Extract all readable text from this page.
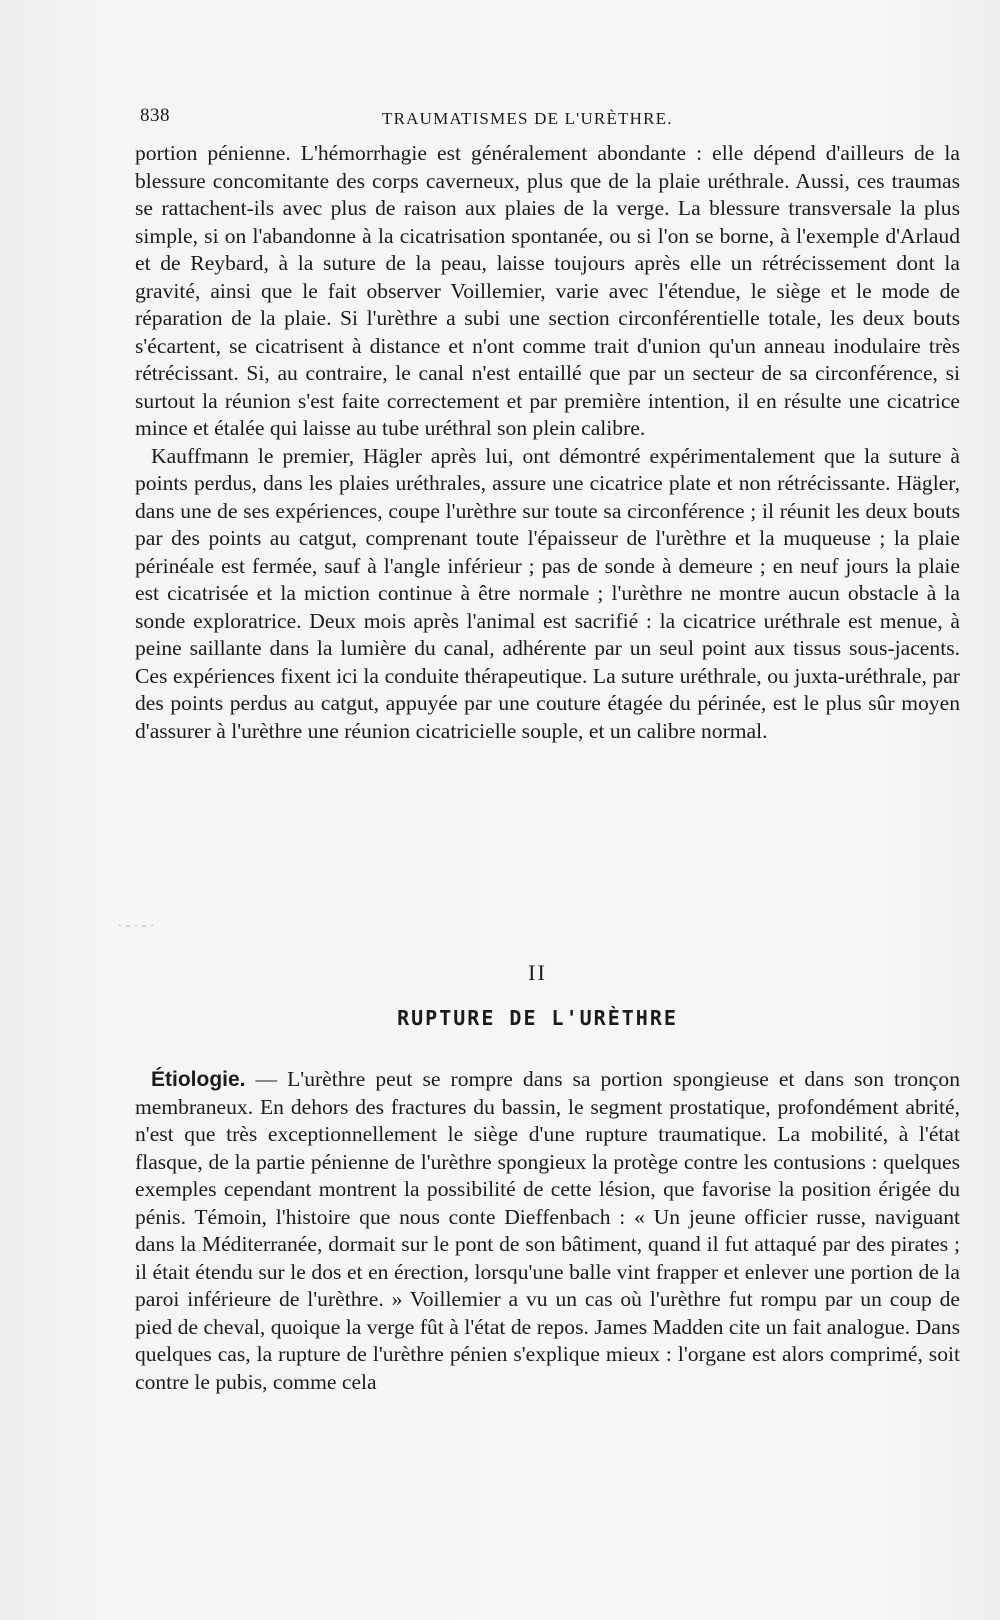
838	TRAUMATISMES DE L'URÈTHRE.

portion pénienne. L'hémorrhagie est généralement abondante : elle dépend d'ailleurs de la blessure concomitante des corps caverneux, plus que de la plaie uréthrale. Aussi, ces traumas se rattachent-ils avec plus de raison aux plaies de la verge. La blessure transversale la plus simple, si on l'abandonne à la cicatrisation spontanée, ou si l'on se borne, à l'exemple d'Arlaud et de Reybard, à la suture de la peau, laisse toujours après elle un rétrécissement dont la gravité, ainsi que le fait observer Voillemier, varie avec l'étendue, le siège et le mode de réparation de la plaie. Si l'urèthre a subi une section circonférentielle totale, les deux bouts s'écartent, se cicatrisent à distance et n'ont comme trait d'union qu'un anneau inodulaire très rétrécissant. Si, au contraire, le canal n'est entaillé que par un secteur de sa circonférence, si surtout la réunion s'est faite correctement et par première intention, il en résulte une cicatrice mince et étalée qui laisse au tube uréthral son plein calibre.

Kauffmann le premier, Hägler après lui, ont démontré expérimentalement que la suture à points perdus, dans les plaies uréthrales, assure une cicatrice plate et non rétrécissante. Hägler, dans une de ses expériences, coupe l'urèthre sur toute sa circonférence ; il réunit les deux bouts par des points au catgut, comprenant toute l'épaisseur de l'urèthre et la muqueuse ; la plaie périnéale est fermée, sauf à l'angle inférieur ; pas de sonde à demeure ; en neuf jours la plaie est cicatrisée et la miction continue à être normale ; l'urèthre ne montre aucun obstacle à la sonde exploratrice. Deux mois après l'animal est sacrifié : la cicatrice uréthrale est menue, à peine saillante dans la lumière du canal, adhérente par un seul point aux tissus sous-jacents. Ces expériences fixent ici la conduite thérapeutique. La suture uréthrale, ou juxta-uréthrale, par des points perdus au catgut, appuyée par une couture étagée du périnée, est le plus sûr moyen d'assurer à l'urèthre une réunion cicatricielle souple, et un calibre normal.

·-·-·
II
RUPTURE DE L'URÈTHRE

Étiologie. — L'urèthre peut se rompre dans sa portion spongieuse et dans son tronçon membraneux. En dehors des fractures du bassin, le segment prostatique, profondément abrité, n'est que très exceptionnellement le siège d'une rupture traumatique. La mobilité, à l'état flasque, de la partie pénienne de l'urèthre spongieux la protège contre les contusions : quelques exemples cependant montrent la possibilité de cette lésion, que favorise la position érigée du pénis. Témoin, l'histoire que nous conte Dieffenbach : « Un jeune officier russe, naviguant dans la Méditerranée, dormait sur le pont de son bâtiment, quand il fut attaqué par des pirates ; il était étendu sur le dos et en érection, lorsqu'une balle vint frapper et enlever une portion de la paroi inférieure de l'urèthre. » Voillemier a vu un cas où l'urèthre fut rompu par un coup de pied de cheval, quoique la verge fût à l'état de repos. James Madden cite un fait analogue. Dans quelques cas, la rupture de l'urèthre pénien s'explique mieux : l'organe est alors comprimé, soit contre le pubis, comme cela
